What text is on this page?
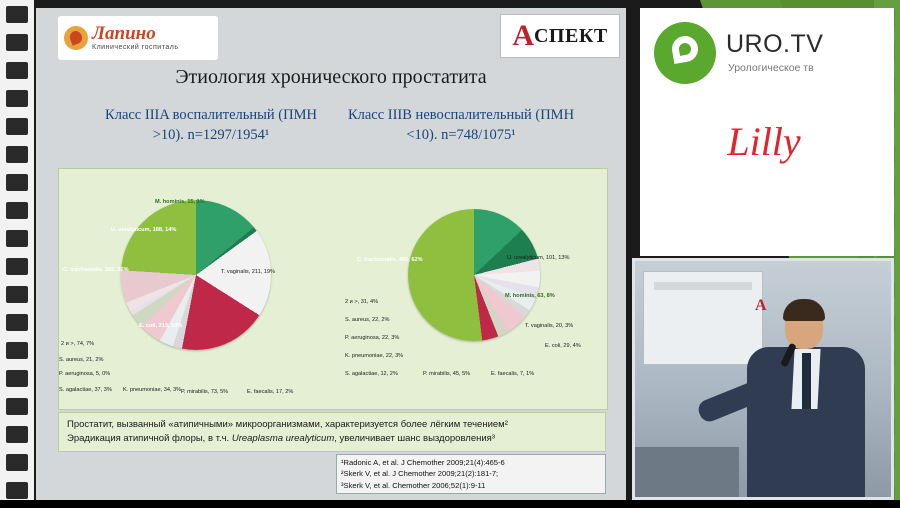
Лапино
Клинический госпиталь	А СПЕКТ
Этиология хронического простатита
Класс IIIA воспалительный (ПМН >10). n=1297/1954¹
Класс IIIB невоспалительный (ПМН <10). n=748/1075¹
M. hominis, 15, 1%
U. urealyticum, 188, 14%
T. vaginalis, 211, 19%
C. trachomatis, 302, 26%
E. coli, 213, 19%
2 и >, 74, 7%
S. aureus, 21, 2%
P. aeruginosa, 5, 0%
S. agalactiae, 37, 3% K. pneumoniae, 34, 3% P. mirabilis, 73, 5%	E. faecalis, 17, 2%
C. trachomatis, 465, 62%	U. urealyticum, 101, 13%
M. hominis, 63, 8%
T. vaginalis, 20, 3%
E. coli, 29, 4%
2 и >, 31, 4%
S. aureus, 22, 2%
P. aeruginosa, 22, 3%
K. pneumoniae, 22, 3%
S. agalactiae, 12, 2%	P. mirabilis, 45, 5%	E. faecalis, 7, 1%
Простатит, вызванный «атипичными» микроорганизмами, характеризуется более лёгким течением²
Эрадикация атипичной флоры, в т.ч. Ureaplasma urealyticum, увеличивает шанс выздоровления³
¹Radonic A, et al. J Chemother 2009;21(4):465-6
²Skerk V, et al. J Chemother 2009;21(2):181-7;
³Skerk V, et al. Chemother 2006;52(1):9-11
URO.TV
Урологическое тв
Lilly
А
